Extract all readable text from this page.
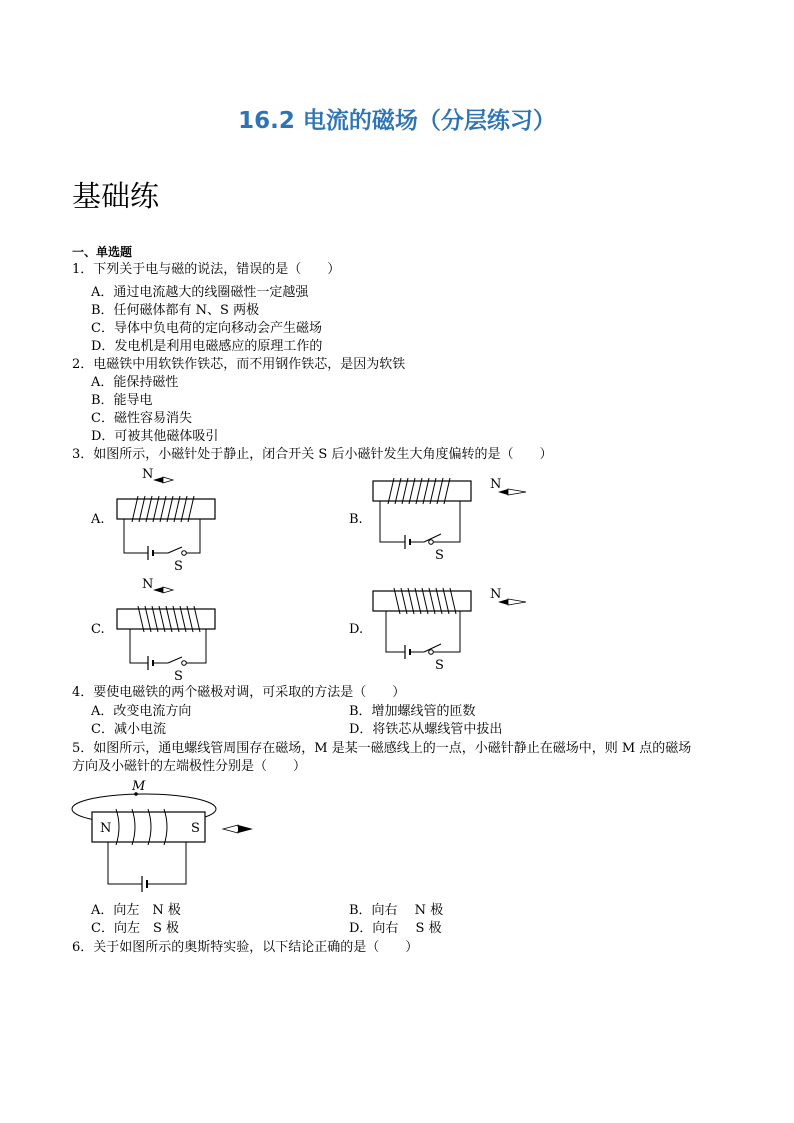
16.2 电流的磁场（分层练习）
基础练
一、单选题
1．下列关于电与磁的说法，错误的是（　　）
A．通过电流越大的线圈磁性一定越强
B．任何磁体都有 N、S 两极
C．导体中负电荷的定向移动会产生磁场
D．发电机是利用电磁感应的原理工作的
2．电磁铁中用软铁作铁芯，而不用钢作铁芯，是因为软铁
A．能保持磁性
B．能导电
C．磁性容易消失
D．可被其他磁体吸引
3．如图所示，小磁针处于静止，闭合开关 S 后小磁针发生大角度偏转的是（　　）
A.	B.
C.	D.
N
S
N
S
N
S
N
S
4．要使电磁铁的两个磁极对调，可采取的方法是（　　）
A．改变电流方向	B．增加螺线管的匝数
C．减小电流	D．将铁芯从螺线管中拔出
5．如图所示，通电螺线管周围存在磁场，M 是某一磁感线上的一点，小磁针静止在磁场中，则 M 点的磁场
方向及小磁针的左端极性分别是（　　）
M
N	S
A．向左　N 极	B．向右　 N 极
C．向左　S 极	D．向右　 S 极
6．关于如图所示的奥斯特实验，以下结论正确的是（　　）
